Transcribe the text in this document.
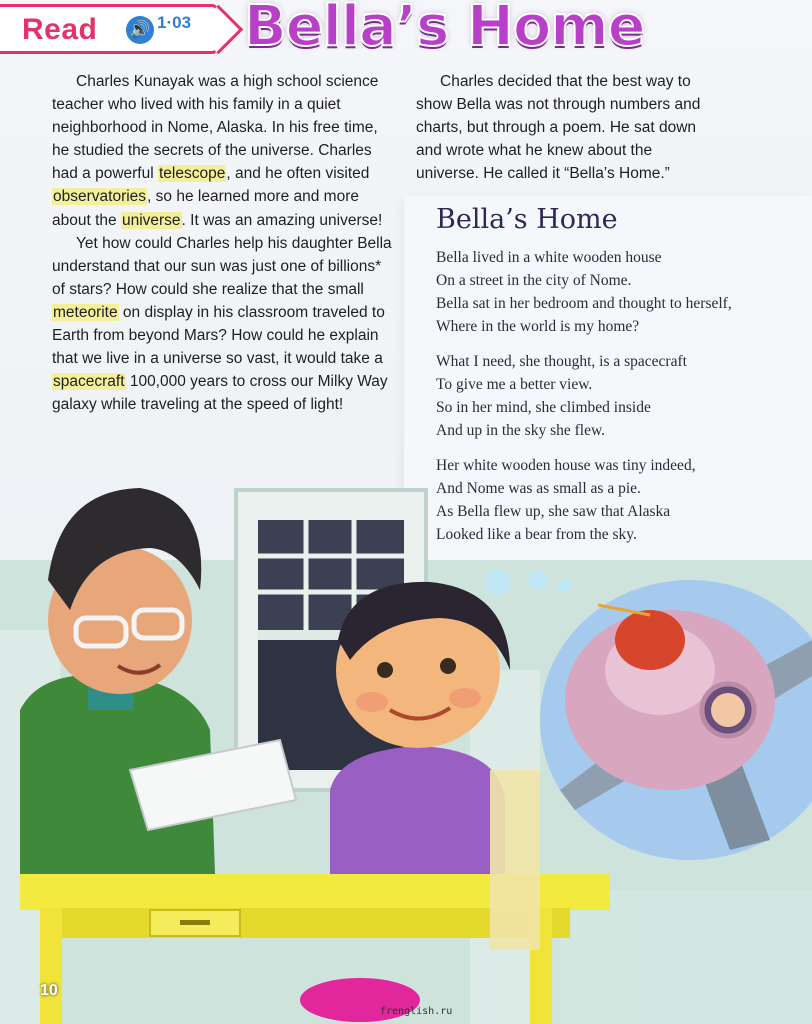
Read 🔊 1·03 Bella’s Home

Charles Kunayak was a high school science teacher who lived with his family in a quiet neighborhood in Nome, Alaska. In his free time, he studied the secrets of the universe. Charles had a powerful telescope, and he often visited observatories, so he learned more and more about the universe. It was an amazing universe!

Yet how could Charles help his daughter Bella understand that our sun was just one of billions* of stars? How could she realize that the small meteorite on display in his classroom traveled to Earth from beyond Mars? How could he explain that we live in a universe so vast, it would take a spacecraft 100,000 years to cross our Milky Way galaxy while traveling at the speed of light!

Charles decided that the best way to show Bella was not through numbers and charts, but through a poem. He sat down and wrote what he knew about the universe. He called it “Bella’s Home.”

Bella’s Home
Bella lived in a white wooden house
On a street in the city of Nome.
Bella sat in her bedroom and thought to herself,
Where in the world is my home?
What I need, she thought, is a spacecraft
To give me a better view.
So in her mind, she climbed inside
And up in the sky she flew.
Her white wooden house was tiny indeed,
And Nome was as small as a pie.
As Bella flew up, she saw that Alaska
Looked like a bear from the sky.
10
frenglish.ru
